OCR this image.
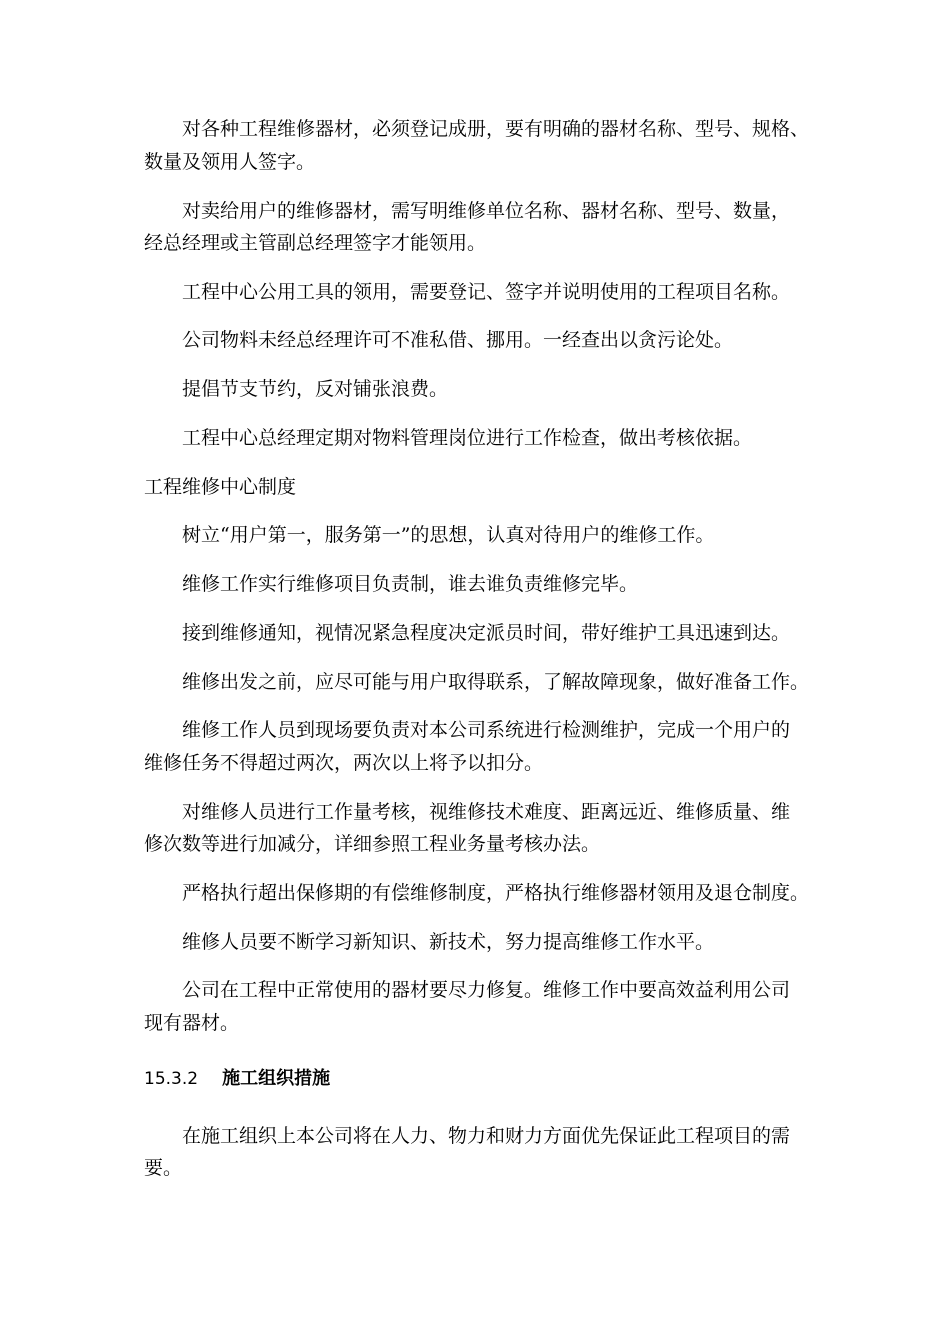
对各种工程维修器材，必须登记成册，要有明确的器材名称、型号、规格、
数量及领用人签字。
对卖给用户的维修器材，需写明维修单位名称、器材名称、型号、数量，
经总经理或主管副总经理签字才能领用。
工程中心公用工具的领用，需要登记、签字并说明使用的工程项目名称。
公司物料未经总经理许可不准私借、挪用。一经查出以贪污论处。
提倡节支节约，反对铺张浪费。
工程中心总经理定期对物料管理岗位进行工作检查，做出考核依据。
工程维修中心制度
树立“用户第一，服务第一”的思想，认真对待用户的维修工作。
维修工作实行维修项目负责制，谁去谁负责维修完毕。
接到维修通知，视情况紧急程度决定派员时间，带好维护工具迅速到达。
维修出发之前，应尽可能与用户取得联系，了解故障现象，做好准备工作。
维修工作人员到现场要负责对本公司系统进行检测维护，完成一个用户的
维修任务不得超过两次，两次以上将予以扣分。
对维修人员进行工作量考核，视维修技术难度、距离远近、维修质量、维
修次数等进行加减分，详细参照工程业务量考核办法。
严格执行超出保修期的有偿维修制度，严格执行维修器材领用及退仓制度。
维修人员要不断学习新知识、新技术，努力提高维修工作水平。
公司在工程中正常使用的器材要尽力修复。维修工作中要高效益利用公司
现有器材。
15.3.2 施工组织措施
在施工组织上本公司将在人力、物力和财力方面优先保证此工程项目的需
要。
